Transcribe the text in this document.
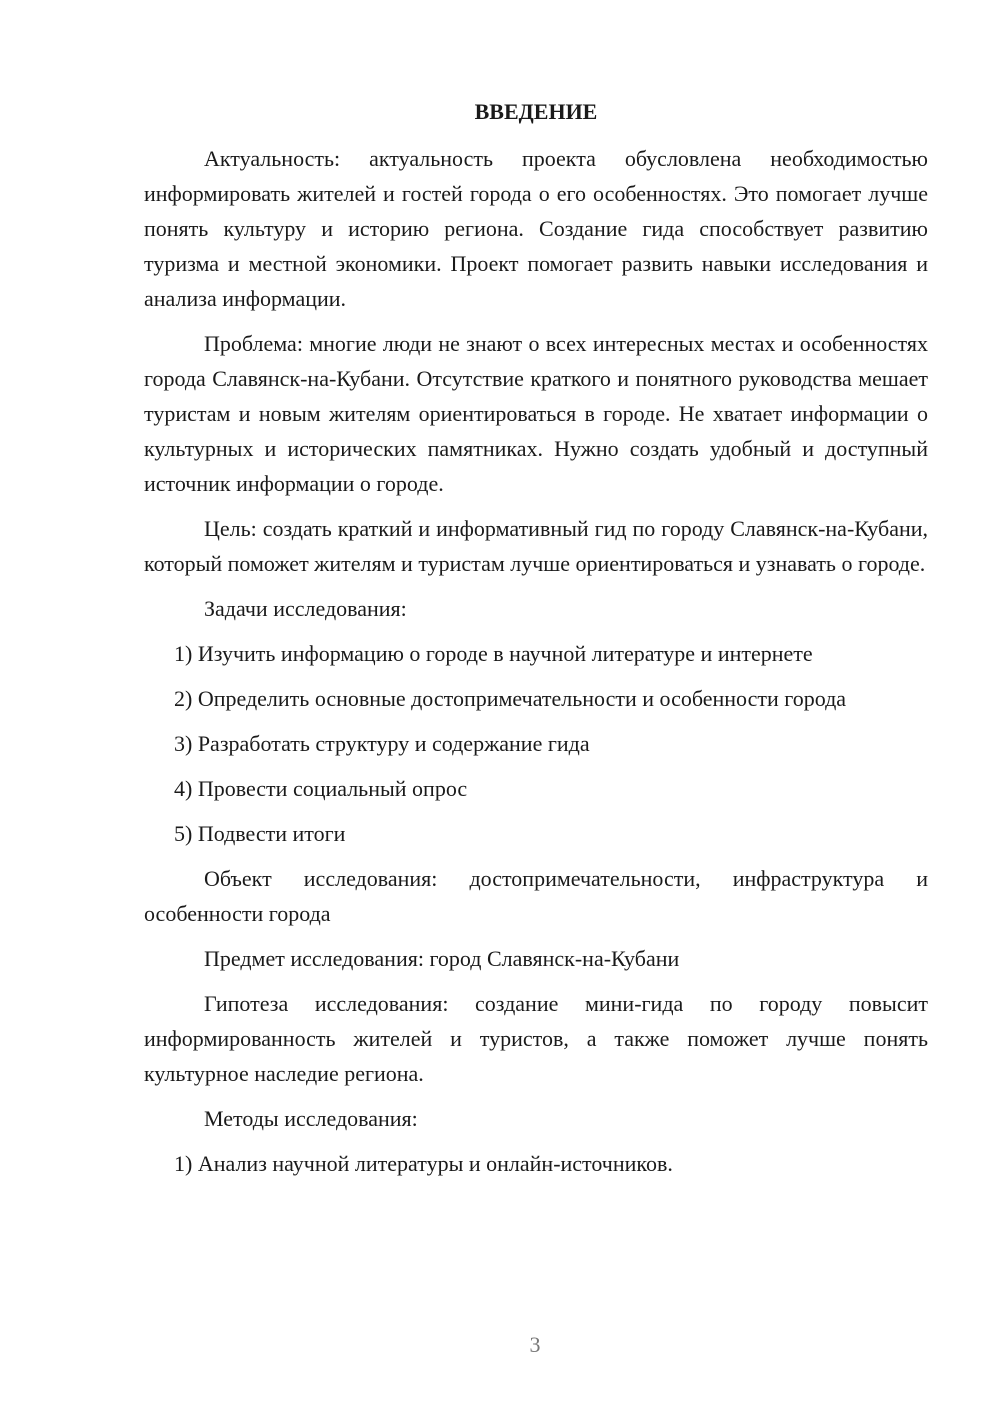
ВВЕДЕНИЕ

Актуальность: актуальность проекта обусловлена необходимостью информировать жителей и гостей города о его особенностях. Это помогает лучше понять культуру и историю региона. Создание гида способствует развитию туризма и местной экономики. Проект помогает развить навыки исследования и анализа информации.

Проблема: многие люди не знают о всех интересных местах и особенностях города Славянск-на-Кубани. Отсутствие краткого и понятного руководства мешает туристам и новым жителям ориентироваться в городе. Не хватает информации о культурных и исторических памятниках. Нужно создать удобный и доступный источник информации о городе.

Цель: создать краткий и информативный гид по городу Славянск-на-Кубани, который поможет жителям и туристам лучше ориентироваться и узнавать о городе.

Задачи исследования:

1) Изучить информацию о городе в научной литературе и интернете

2) Определить основные достопримечательности и особенности города

3) Разработать структуру и содержание гида

4) Провести социальный опрос

5) Подвести итоги

Объект исследования: достопримечательности, инфраструктура и особенности города

Предмет исследования: город Славянск-на-Кубани

Гипотеза исследования: создание мини-гида по городу повысит информированность жителей и туристов, а также поможет лучше понять культурное наследие региона.

Методы исследования:

1) Анализ научной литературы и онлайн-источников.

3
